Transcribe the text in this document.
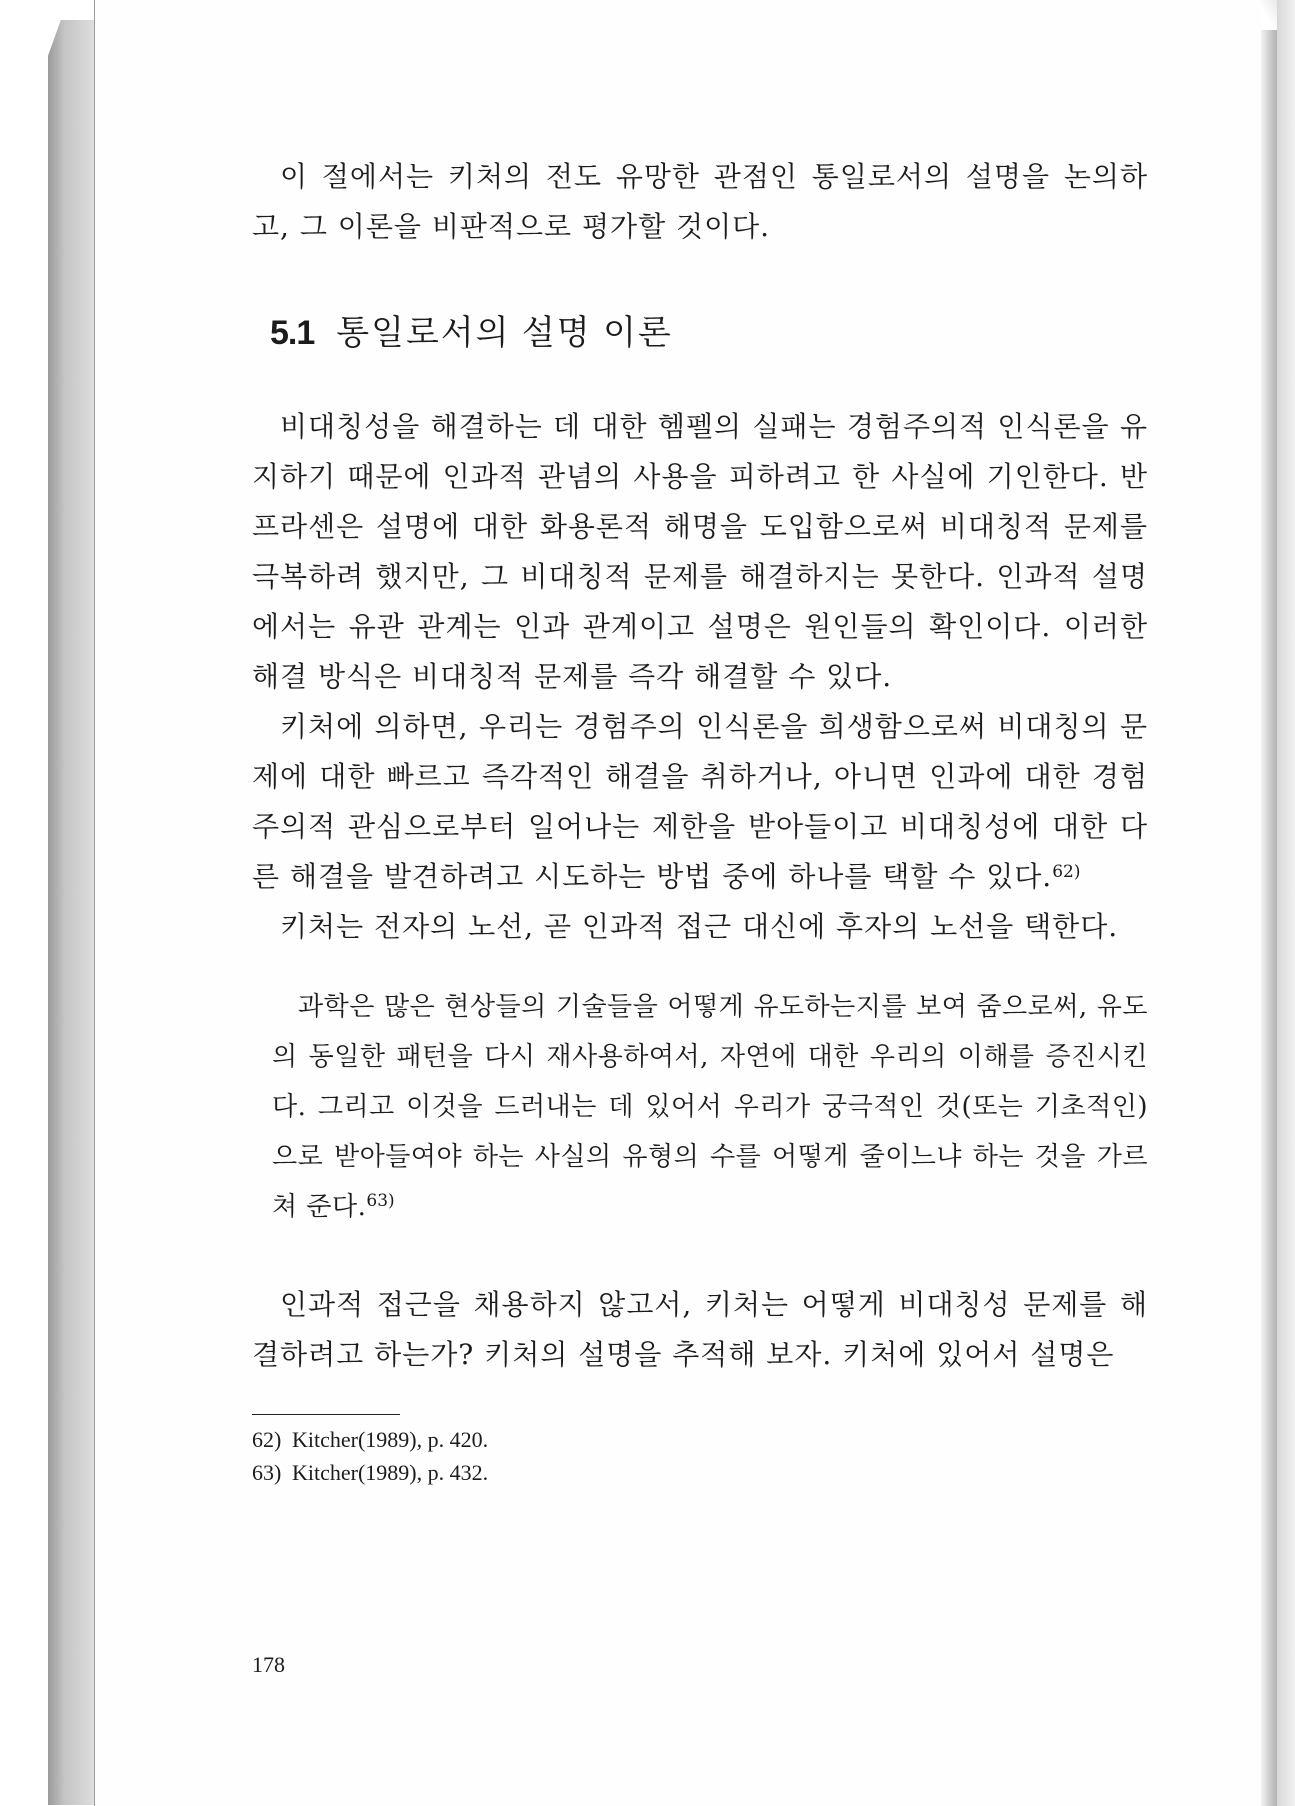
이 절에서는 키처의 전도 유망한 관점인 통일로서의 설명을 논의하고, 그 이론을 비판적으로 평가할 것이다.

5.1 통일로서의 설명 이론

비대칭성을 해결하는 데 대한 헴펠의 실패는 경험주의적 인식론을 유지하기 때문에 인과적 관념의 사용을 피하려고 한 사실에 기인한다. 반 프라센은 설명에 대한 화용론적 해명을 도입함으로써 비대칭적 문제를 극복하려 했지만, 그 비대칭적 문제를 해결하지는 못한다. 인과적 설명에서는 유관 관계는 인과 관계이고 설명은 원인들의 확인이다. 이러한 해결 방식은 비대칭적 문제를 즉각 해결할 수 있다.

키처에 의하면, 우리는 경험주의 인식론을 희생함으로써 비대칭의 문제에 대한 빠르고 즉각적인 해결을 취하거나, 아니면 인과에 대한 경험주의적 관심으로부터 일어나는 제한을 받아들이고 비대칭성에 대한 다른 해결을 발견하려고 시도하는 방법 중에 하나를 택할 수 있다.$^{62)}$

키처는 전자의 노선, 곧 인과적 접근 대신에 후자의 노선을 택한다.

과학은 많은 현상들의 기술들을 어떻게 유도하는지를 보여 줌으로써, 유도의 동일한 패턴을 다시 재사용하여서, 자연에 대한 우리의 이해를 증진시킨다. 그리고 이것을 드러내는 데 있어서 우리가 궁극적인 것(또는 기초적인)으로 받아들여야 하는 사실의 유형의 수를 어떻게 줄이느냐 하는 것을 가르쳐 준다.$^{63)}$

인과적 접근을 채용하지 않고서, 키처는 어떻게 비대칭성 문제를 해결하려고 하는가? 키처의 설명을 추적해 보자. 키처에 있어서 설명은

62) Kitcher(1989), p. 420.
63) Kitcher(1989), p. 432.
178
